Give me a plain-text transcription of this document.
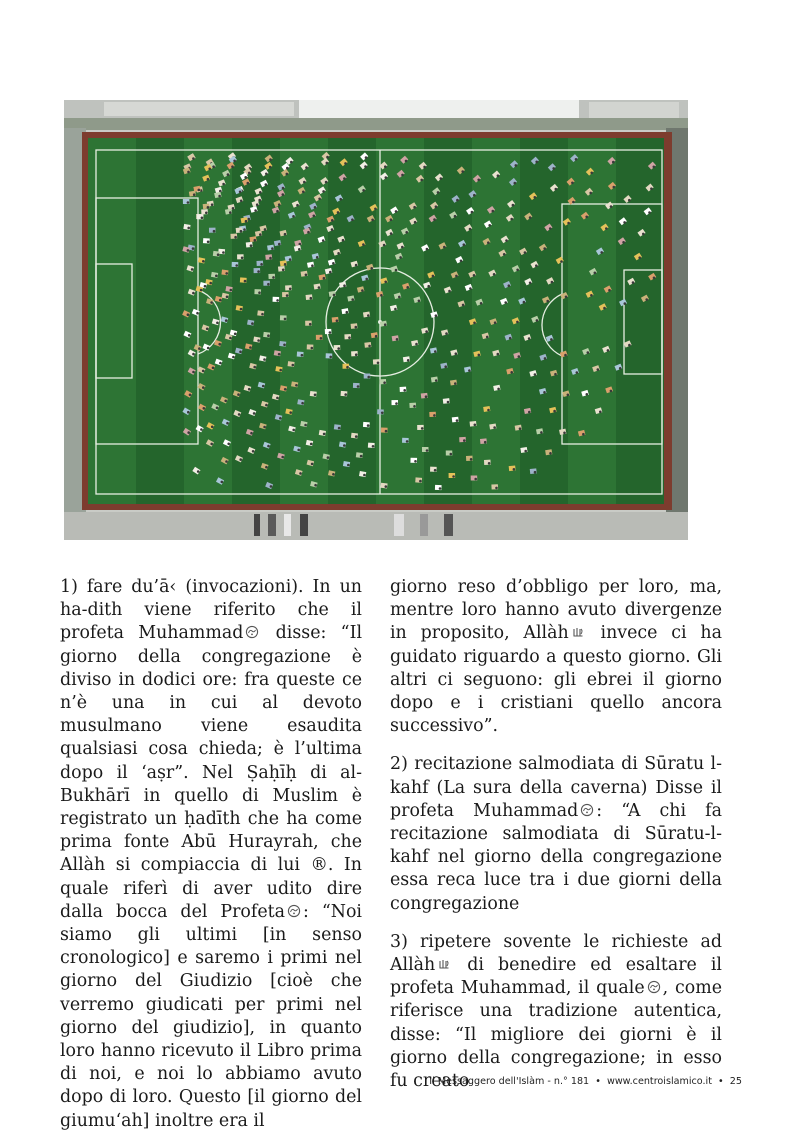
1) fare du’ā‹ (invocazioni). In un ha-dith viene riferito che il profeta Muhammad
disse: “Il giorno della congregazione è diviso in dodici ore: fra queste ce n’è una in cui al devoto musulmano viene esaudita qualsiasi cosa chieda; è l’ultima dopo il ‘aṣr”. Nel Ṣaḥīḥ di al-Bukhārī in quello di Muslim è registrato un ḥadīth che ha come prima fonte Abū Hurayrah, che Allàh si compiaccia di lui ®. In quale riferì di aver udito dire dalla bocca del Profeta : “Noi siamo gli ultimi [in senso cronologico] e saremo i primi nel giorno del Giudizio [cioè che verremo giudicati per primi nel giorno del giudizio], in quanto loro hanno ricevuto il Libro prima di noi, e noi lo abbiamo avuto dopo di loro. Questo [il giorno del giumu‘ah] inoltre era il

giorno reso d’obbligo per loro, ma, mentre loro hanno avuto divergenze in proposito, Allàh
invece ci ha guidato riguardo a questo giorno. Gli altri ci seguono: gli ebrei il giorno dopo e i cristiani quello ancora successivo”.

2) recitazione salmodiata di Sūratu l-kahf (La sura della caverna) Disse il profeta Muhammad : “A chi fa recitazione salmodiata di Sūratu-l-kahf nel giorno della congregazione essa reca luce tra i due giorni della congregazione

3) ripetere sovente le richieste ad Allàh
di benedire ed esaltare il profeta Muhammad, il quale , come riferisce una tradizione autentica, disse: “Il migliore dei giorni è il giorno della congregazione; in esso fu creato

Il Messaggero dell'Islàm - n.° 181 • www.centroislamico.it • 25
